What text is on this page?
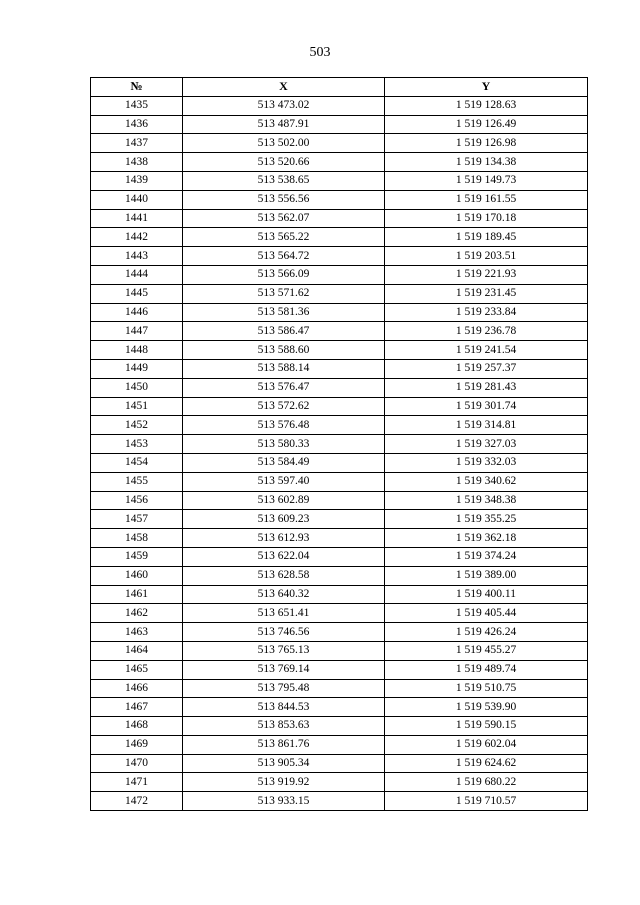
503
№	X	Y
1435	513 473.02	1 519 128.63
1436	513 487.91	1 519 126.49
1437	513 502.00	1 519 126.98
1438	513 520.66	1 519 134.38
1439	513 538.65	1 519 149.73
1440	513 556.56	1 519 161.55
1441	513 562.07	1 519 170.18
1442	513 565.22	1 519 189.45
1443	513 564.72	1 519 203.51
1444	513 566.09	1 519 221.93
1445	513 571.62	1 519 231.45
1446	513 581.36	1 519 233.84
1447	513 586.47	1 519 236.78
1448	513 588.60	1 519 241.54
1449	513 588.14	1 519 257.37
1450	513 576.47	1 519 281.43
1451	513 572.62	1 519 301.74
1452	513 576.48	1 519 314.81
1453	513 580.33	1 519 327.03
1454	513 584.49	1 519 332.03
1455	513 597.40	1 519 340.62
1456	513 602.89	1 519 348.38
1457	513 609.23	1 519 355.25
1458	513 612.93	1 519 362.18
1459	513 622.04	1 519 374.24
1460	513 628.58	1 519 389.00
1461	513 640.32	1 519 400.11
1462	513 651.41	1 519 405.44
1463	513 746.56	1 519 426.24
1464	513 765.13	1 519 455.27
1465	513 769.14	1 519 489.74
1466	513 795.48	1 519 510.75
1467	513 844.53	1 519 539.90
1468	513 853.63	1 519 590.15
1469	513 861.76	1 519 602.04
1470	513 905.34	1 519 624.62
1471	513 919.92	1 519 680.22
1472	513 933.15	1 519 710.57
